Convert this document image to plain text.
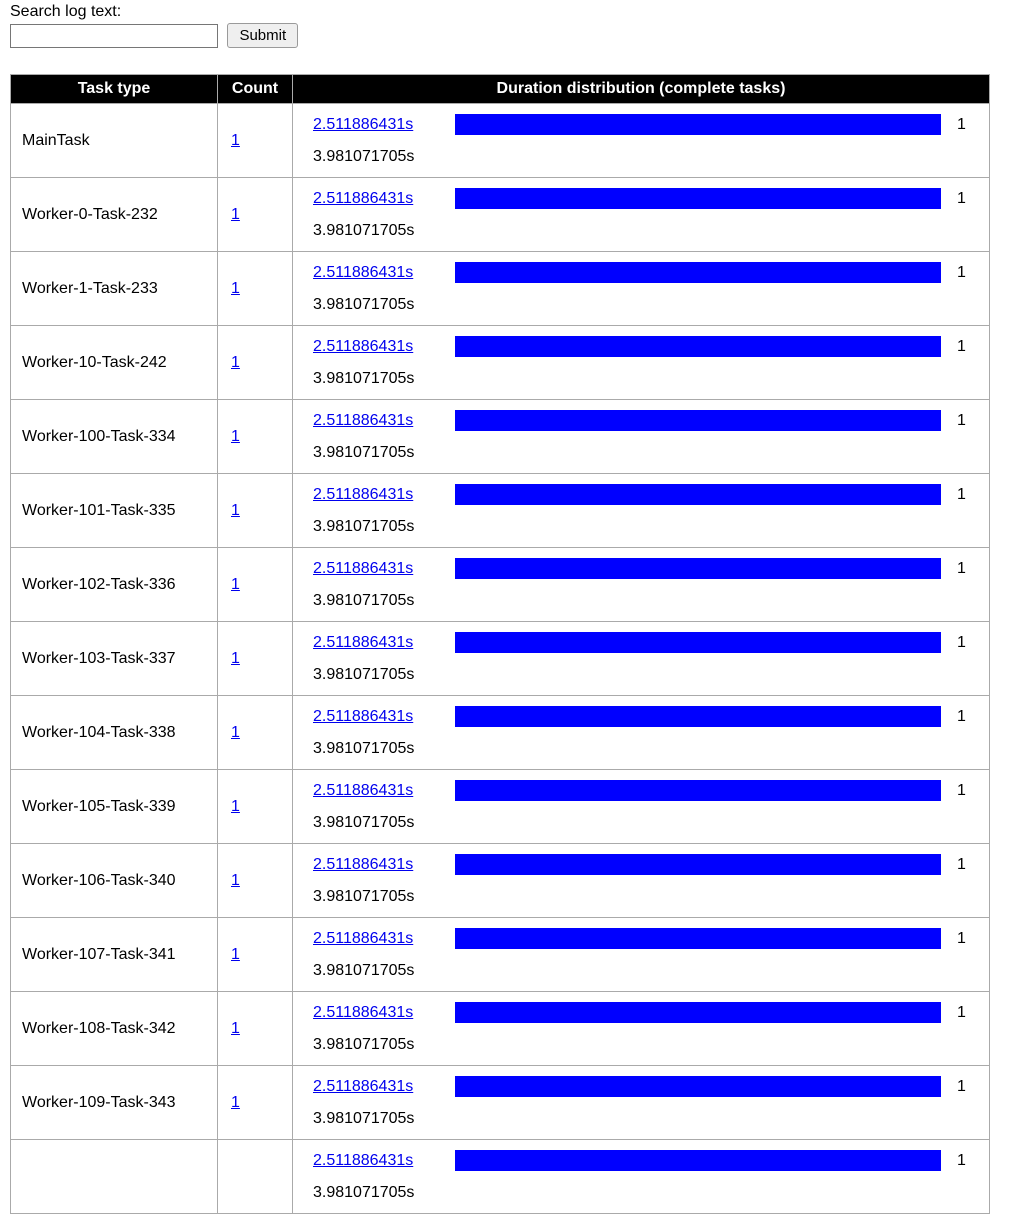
Search log text:
Submit
Task type	Count	Duration distribution (complete tasks)
MainTask	1	2.511886431s 1
3.981071705s

Worker-0-Task-232	1	2.511886431s 1
3.981071705s

Worker-1-Task-233	1	2.511886431s 1
3.981071705s

Worker-10-Task-242	1	2.511886431s 1
3.981071705s

Worker-100-Task-334	1	2.511886431s 1
3.981071705s

Worker-101-Task-335	1	2.511886431s 1
3.981071705s

Worker-102-Task-336	1	2.511886431s 1
3.981071705s

Worker-103-Task-337	1	2.511886431s 1
3.981071705s

Worker-104-Task-338	1	2.511886431s 1
3.981071705s

Worker-105-Task-339	1	2.511886431s 1
3.981071705s

Worker-106-Task-340	1	2.511886431s 1
3.981071705s

Worker-107-Task-341	1	2.511886431s 1
3.981071705s

Worker-108-Task-342	1	2.511886431s 1
3.981071705s

Worker-109-Task-343	1	2.511886431s 1
3.981071705s

		2.511886431s 1
3.981071705s
